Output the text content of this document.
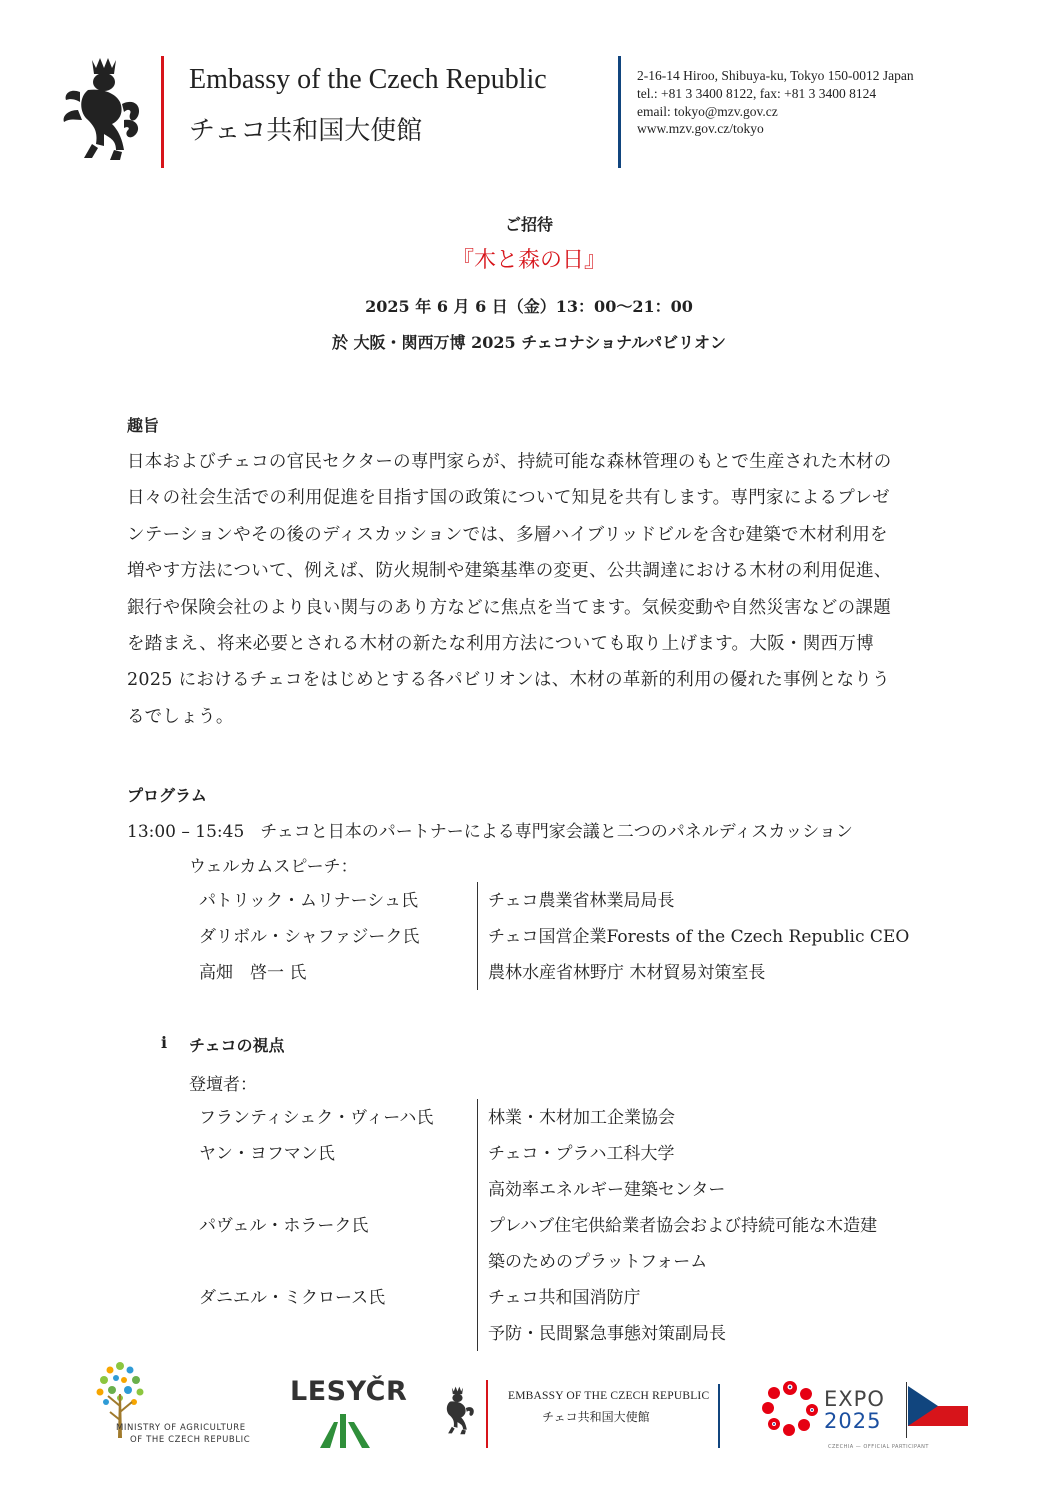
Embassy of the Czech Republic
チェコ共和国大使館
2-16-14 Hiroo, Shibuya-ku, Tokyo 150-0012 Japan
tel.: +81 3 3400 8122, fax: +81 3 3400 8124
email: tokyo@mzv.gov.cz
www.mzv.gov.cz/tokyo
ご招待
『木と森の日』
2025 年 6 月 6 日（金）13：00～21：00
於 大阪・関西万博 2025 チェコナショナルパビリオン
趣旨
日本およびチェコの官民セクターの専門家らが、持続可能な森林管理のもとで生産された木材の
日々の社会生活での利用促進を目指す国の政策について知見を共有します。専門家によるプレゼ
ンテーションやその後のディスカッションでは、多層ハイブリッドビルを含む建築で木材利用を
増やす方法について、例えば、防火規制や建築基準の変更、公共調達における木材の利用促進、
銀行や保険会社のより良い関与のあり方などに焦点を当てます。気候変動や自然災害などの課題
を踏まえ、将来必要とされる木材の新たな利用方法についても取り上げます。大阪・関西万博
2025 におけるチェコをはじめとする各パビリオンは、木材の革新的利用の優れた事例となりう
るでしょう。
プログラム
13:00 – 15:45 チェコと日本のパートナーによる専門家会議と二つのパネルディスカッション
ウェルカムスピーチ：
パトリック・ムリナーシュ氏	チェコ農業省林業局局長
ダリボル・シャファジーク氏	チェコ国営企業Forests of the Czech Republic CEO
高畑　啓一 氏	農林水産省林野庁 木材貿易対策室長
i チェコの視点
登壇者：
フランティシェク・ヴィーハ氏	林業・木材加工企業協会
ヤン・ヨフマン氏	チェコ・プラハ工科大学
高効率エネルギー建築センター
パヴェル・ホラーク氏	プレハブ住宅供給業者協会および持続可能な木造建
築のためのプラットフォーム
ダニエル・ミクロース氏	チェコ共和国消防庁
予防・民間緊急事態対策副局長
MINISTRY OF AGRICULTURE
OF THE CZECH REPUBLIC
LESYČR	EMBASSY OF THE CZECH REPUBLIC
チェコ共和国大使館
EXPO
2025
CZECHIA — OFFICIAL PARTICIPANT
